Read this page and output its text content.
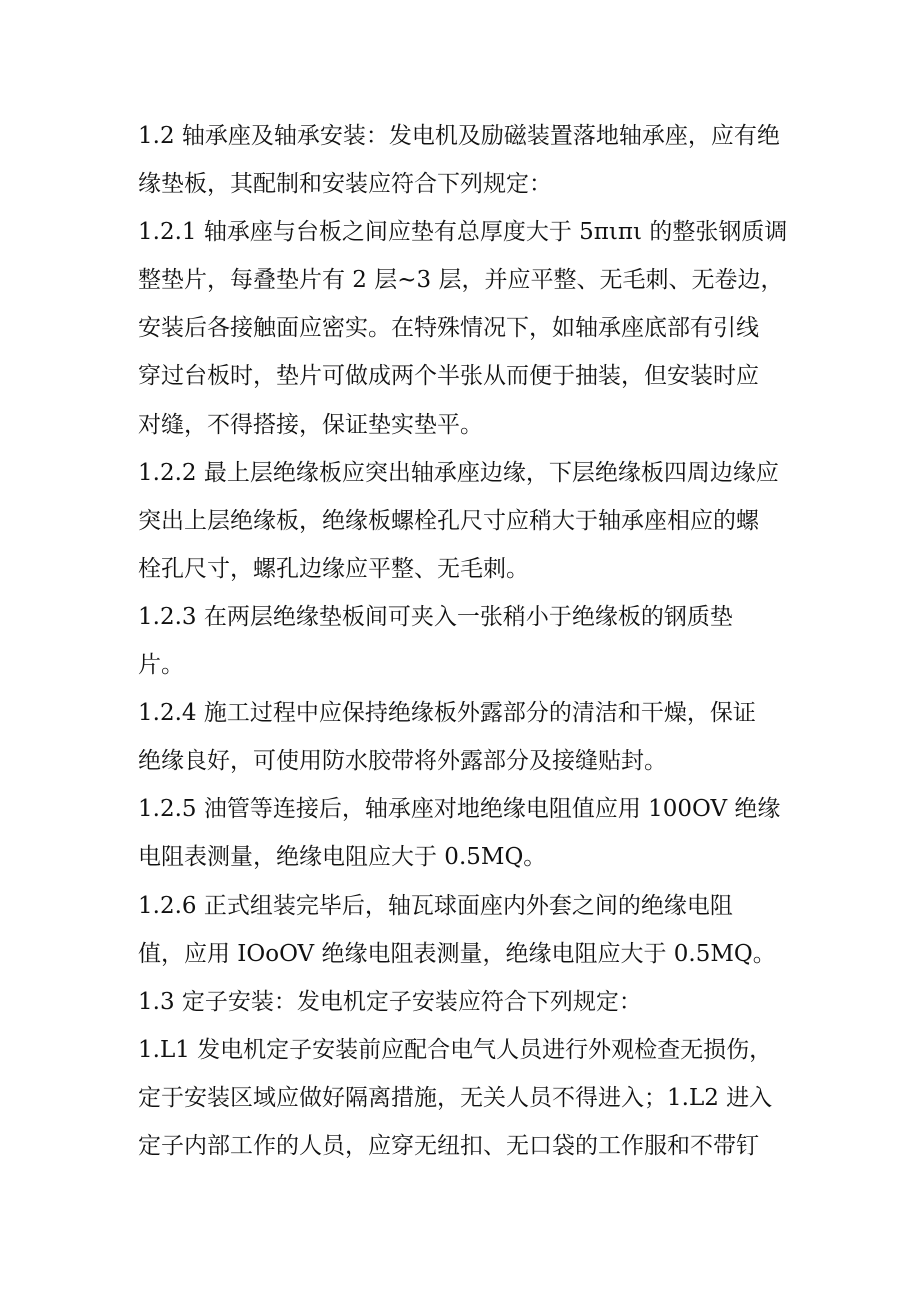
1.2 轴承座及轴承安装：发电机及励磁装置落地轴承座，应有绝
缘垫板，其配制和安装应符合下列规定：
1.2.1 轴承座与台板之间应垫有总厚度大于 5πιπι 的整张钢质调
整垫片，每叠垫片有 2 层~3 层，并应平整、无毛刺、无卷边，
安装后各接触面应密实。在特殊情况下，如轴承座底部有引线
穿过台板时，垫片可做成两个半张从而便于抽装，但安装时应
对缝，不得搭接，保证垫实垫平。
1.2.2 最上层绝缘板应突出轴承座边缘，下层绝缘板四周边缘应
突出上层绝缘板，绝缘板螺栓孔尺寸应稍大于轴承座相应的螺
栓孔尺寸，螺孔边缘应平整、无毛刺。
1.2.3 在两层绝缘垫板间可夹入一张稍小于绝缘板的钢质垫
片。
1.2.4 施工过程中应保持绝缘板外露部分的清洁和干燥，保证
绝缘良好，可使用防水胶带将外露部分及接缝贴封。
1.2.5 油管等连接后，轴承座对地绝缘电阻值应用 100OV 绝缘
电阻表测量，绝缘电阻应大于 0.5MQ。
1.2.6 正式组装完毕后，轴瓦球面座内外套之间的绝缘电阻
值，应用 IOoOV 绝缘电阻表测量，绝缘电阻应大于 0.5MQ。
1.3 定子安装：发电机定子安装应符合下列规定：
1.L1 发电机定子安装前应配合电气人员进行外观检查无损伤，
定于安装区域应做好隔离措施，无关人员不得进入；1.L2 进入
定子内部工作的人员，应穿无纽扣、无口袋的工作服和不带钉
